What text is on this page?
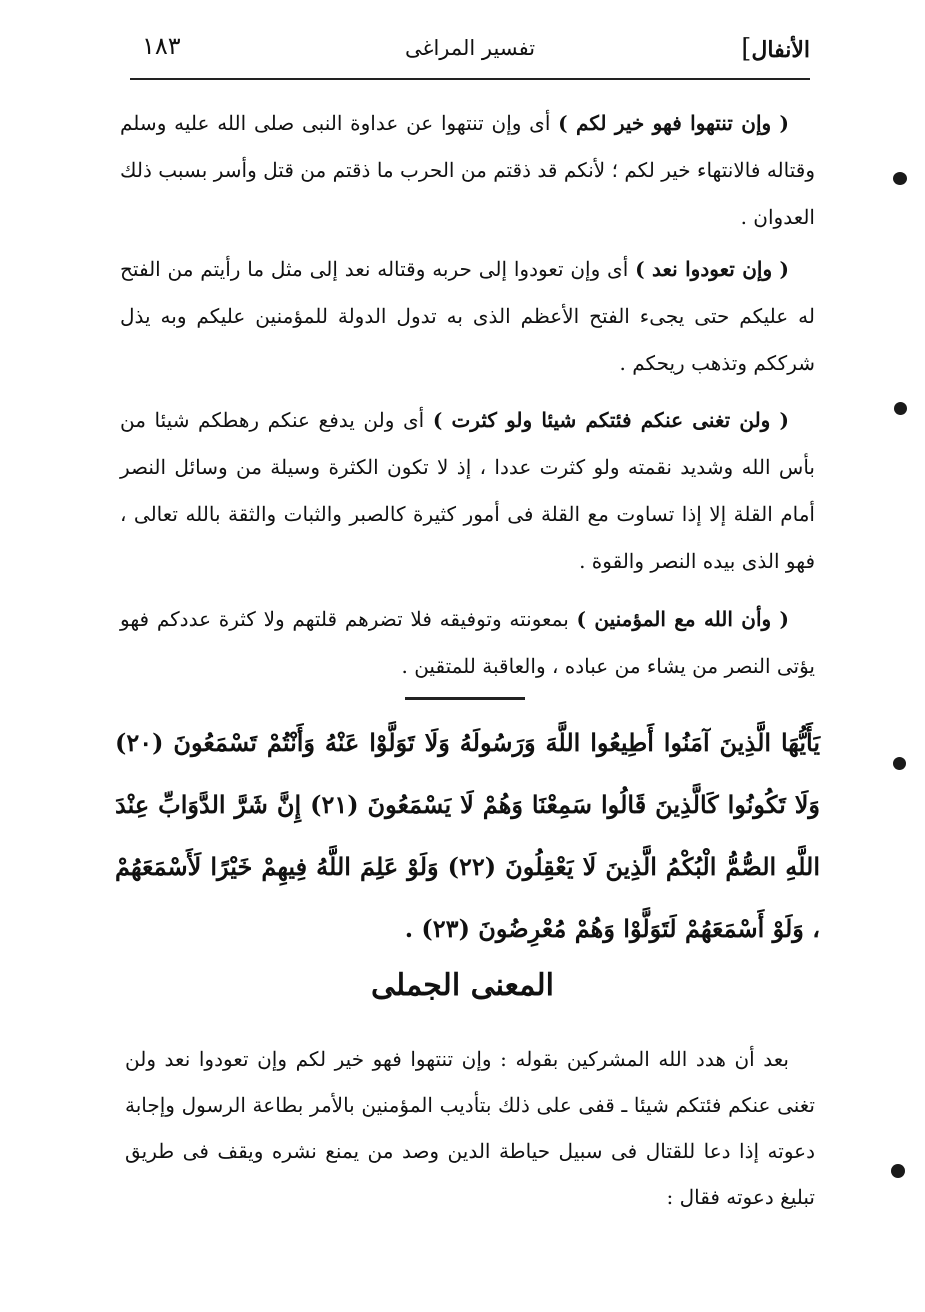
الأنفال]
تفسير المراغى
١٨٣

( وإن تنتهوا فهو خير لكم ) أى وإن تنتهوا عن عداوة النبى صلى الله عليه وسلم وقتاله فالانتهاء خير لكم ؛ لأنكم قد ذقتم من الحرب ما ذقتم من قتل وأسر بسبب ذلك العدوان .

( وإن تعودوا نعد ) أى وإن تعودوا إلى حربه وقتاله نعد إلى مثل ما رأيتم من الفتح له عليكم حتى يجىء الفتح الأعظم الذى به تدول الدولة للمؤمنين عليكم وبه يذل شرككم وتذهب ريحكم .

( ولن تغنى عنكم فئتكم شيئا ولو كثرت ) أى ولن يدفع عنكم رهطكم شيئا من بأس الله وشديد نقمته ولو كثرت عددا ، إذ لا تكون الكثرة وسيلة من وسائل النصر أمام القلة إلا إذا تساوت مع القلة فى أمور كثيرة كالصبر والثبات والثقة بالله تعالى ، فهو الذى بيده النصر والقوة .

( وأن الله مع المؤمنين ) بمعونته وتوفيقه فلا تضرهم قلتهم ولا كثرة عددكم فهو يؤتى النصر من يشاء من عباده ، والعاقبة للمتقين .

يَأَيُّهَا الَّذِينَ آمَنُوا أَطِيعُوا اللَّهَ وَرَسُولَهُ وَلَا تَوَلَّوْا عَنْهُ وَأَنْتُمْ تَسْمَعُونَ (٢٠) وَلَا تَكُونُوا كَالَّذِينَ قَالُوا سَمِعْنَا وَهُمْ لَا يَسْمَعُونَ (٢١) إِنَّ شَرَّ الدَّوَابِّ عِنْدَ اللَّهِ الصُّمُّ الْبُكْمُ الَّذِينَ لَا يَعْقِلُونَ (٢٢) وَلَوْ عَلِمَ اللَّهُ فِيهِمْ خَيْرًا لَأَسْمَعَهُمْ ، وَلَوْ أَسْمَعَهُمْ لَتَوَلَّوْا وَهُمْ مُعْرِضُونَ (٢٣) .
المعنى الجملى

بعد أن هدد الله المشركين بقوله : وإن تنتهوا فهو خير لكم وإن تعودوا نعد ولن تغنى عنكم فئتكم شيئا ـ قفى على ذلك بتأديب المؤمنين بالأمر بطاعة الرسول وإجابة دعوته إذا دعا للقتال فى سبيل حياطة الدين وصد من يمنع نشره ويقف فى طريق تبليغ دعوته فقال :
